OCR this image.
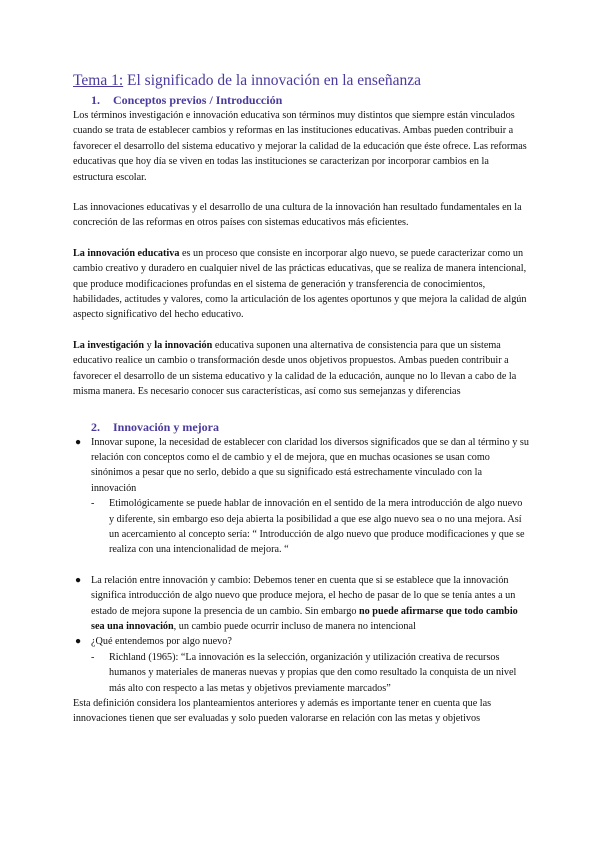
Tema 1: El significado de la innovación en la enseñanza
1. Conceptos previos / Introducción

Los términos investigación e innovación educativa son términos muy distintos que siempre están vinculados cuando se trata de establecer cambios y reformas en las instituciones educativas. Ambas pueden contribuir a favorecer el desarrollo del sistema educativo y mejorar la calidad de la educación que éste ofrece. Las reformas educativas que hoy día se viven en todas las instituciones se caracterizan por incorporar cambios en la estructura escolar.

Las innovaciones educativas y el desarrollo de una cultura de la innovación han resultado fundamentales en la concreción de las reformas en otros países con sistemas educativos más eficientes.

La innovación educativa es un proceso que consiste en incorporar algo nuevo, se puede caracterizar como un cambio creativo y duradero en cualquier nivel de las prácticas educativas, que se realiza de manera intencional, que produce modificaciones profundas en el sistema de generación y transferencia de conocimientos, habilidades, actitudes y valores, como la articulación de los agentes oportunos y que mejora la calidad de algún aspecto significativo del hecho educativo.

La investigación y la innovación educativa suponen una alternativa de consistencia para que un sistema educativo realice un cambio o transformación desde unos objetivos propuestos. Ambas pueden contribuir a favorecer el desarrollo de un sistema educativo y la calidad de la educación, aunque no lo llevan a cabo de la misma manera. Es necesario conocer sus características, así como sus semejanzas y diferencias

2. Innovación y mejora
● Innovar supone, la necesidad de establecer con claridad los diversos significados que se dan al término y su relación con conceptos como el de cambio y el de mejora, que en muchas ocasiones se usan como sinónimos a pesar que no serlo, debido a que su significado está estrechamente vinculado con la innovación
- Etimológicamente se puede hablar de innovación en el sentido de la mera introducción de algo nuevo y diferente, sin embargo eso deja abierta la posibilidad a que ese algo nuevo sea o no una mejora. Así un acercamiento al concepto sería: “ Introducción de algo nuevo que produce modificaciones y que se realiza con una intencionalidad de mejora. “
● La relación entre innovación y cambio: Debemos tener en cuenta que si se establece que la innovación significa introducción de algo nuevo que produce mejora, el hecho de pasar de lo que se tenía antes a un estado de mejora supone la presencia de un cambio. Sin embargo no puede afirmarse que todo cambio sea una innovación, un cambio puede ocurrir incluso de manera no intencional
● ¿Qué entendemos por algo nuevo?
- Richland (1965): “La innovación es la selección, organización y utilización creativa de recursos humanos y materiales de maneras nuevas y propias que den como resultado la conquista de un nivel más alto con respecto a las metas y objetivos previamente marcados”

Esta definición considera los planteamientos anteriores y además es importante tener en cuenta que las innovaciones tienen que ser evaluadas y solo pueden valorarse en relación con las metas y objetivos
